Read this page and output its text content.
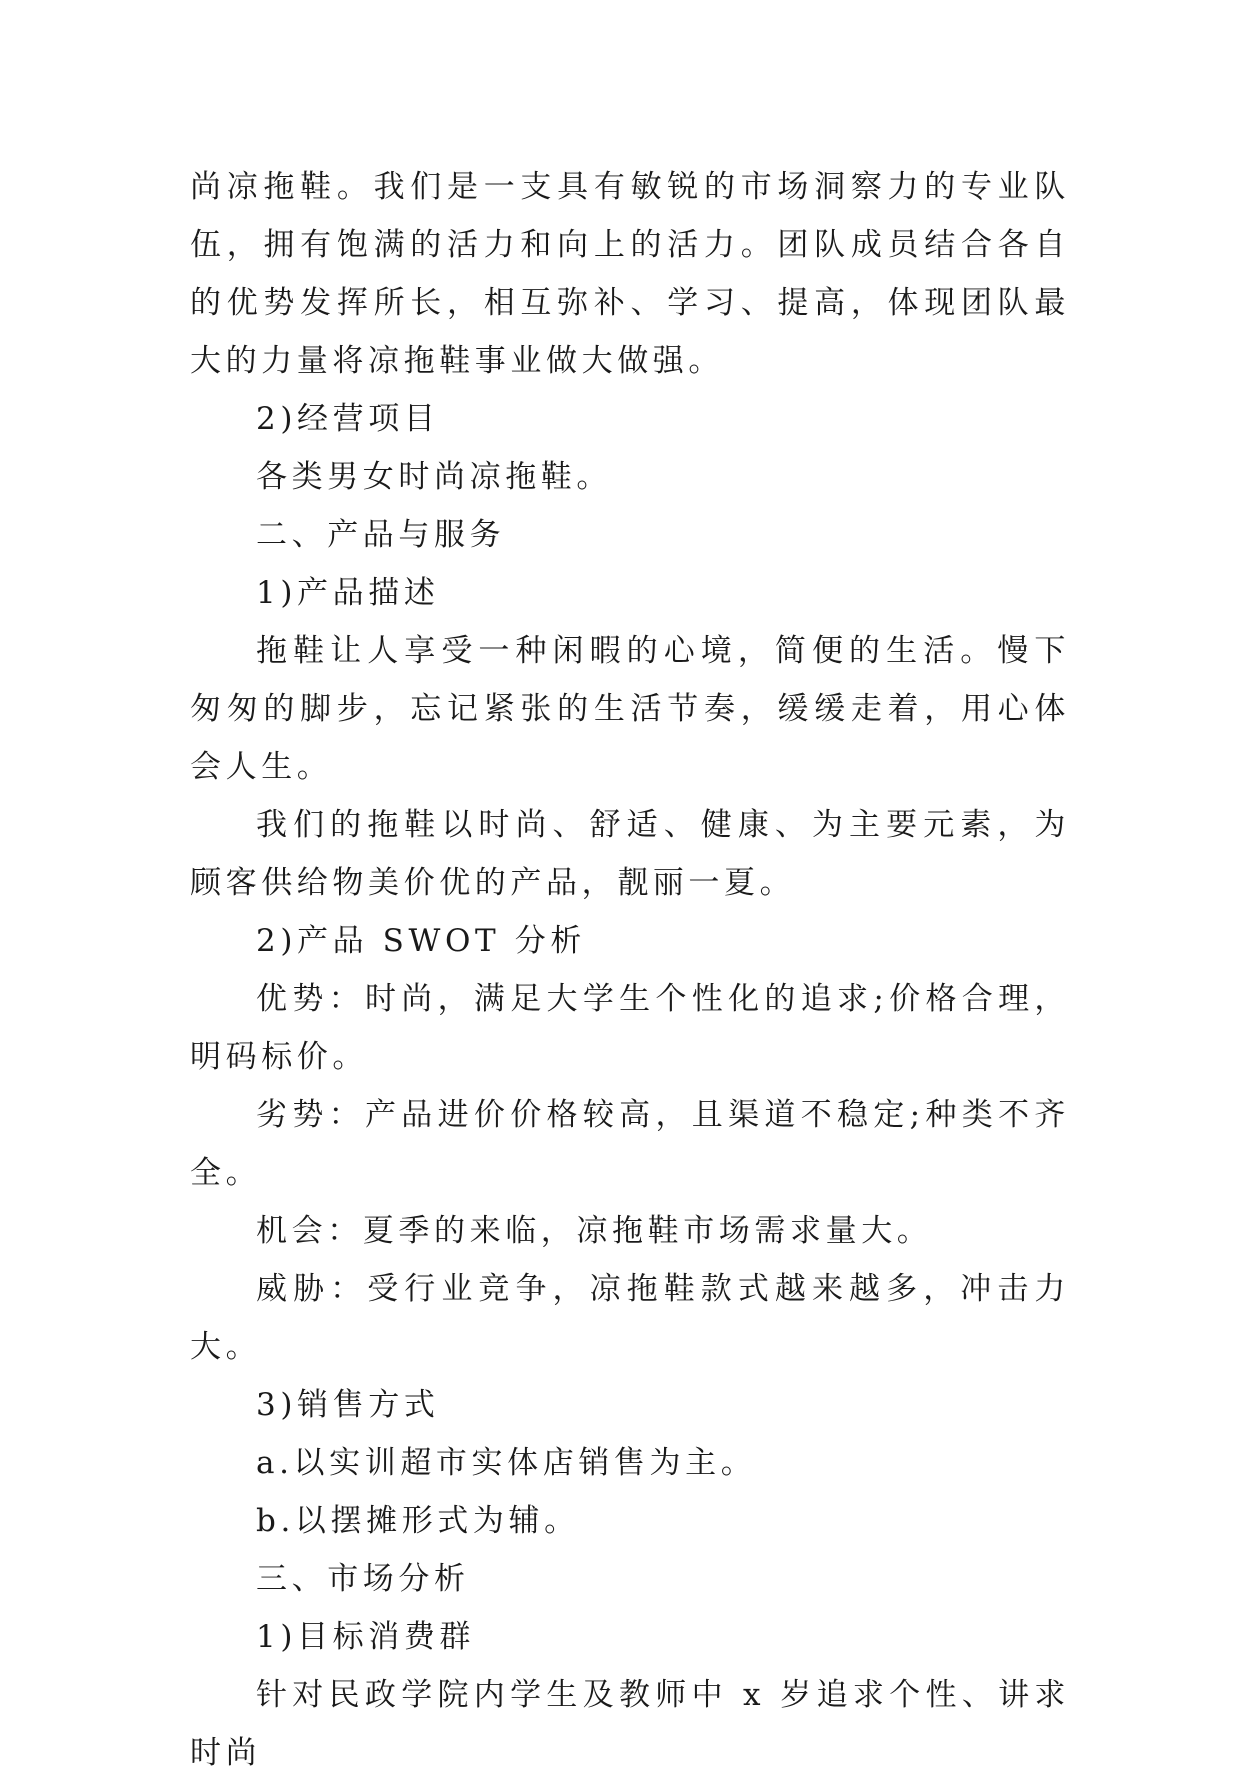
尚凉拖鞋。我们是一支具有敏锐的市场洞察力的专业队伍，拥有饱满的活力和向上的活力。团队成员结合各自的优势发挥所长，相互弥补、学习、提高，体现团队最大的力量将凉拖鞋事业做大做强。

2)经营项目

各类男女时尚凉拖鞋。

二、产品与服务

1)产品描述

拖鞋让人享受一种闲暇的心境，简便的生活。慢下匆匆的脚步，忘记紧张的生活节奏，缓缓走着，用心体会人生。

我们的拖鞋以时尚、舒适、健康、为主要元素，为顾客供给物美价优的产品，靓丽一夏。

2)产品 SWOT 分析

优势：时尚，满足大学生个性化的追求;价格合理，明码标价。

劣势：产品进价价格较高，且渠道不稳定;种类不齐全。

机会：夏季的来临，凉拖鞋市场需求量大。

威胁：受行业竞争，凉拖鞋款式越来越多，冲击力大。

3)销售方式

a.以实训超市实体店销售为主。

b.以摆摊形式为辅。

三、市场分析

1)目标消费群

针对民政学院内学生及教师中 x 岁追求个性、讲求时尚
